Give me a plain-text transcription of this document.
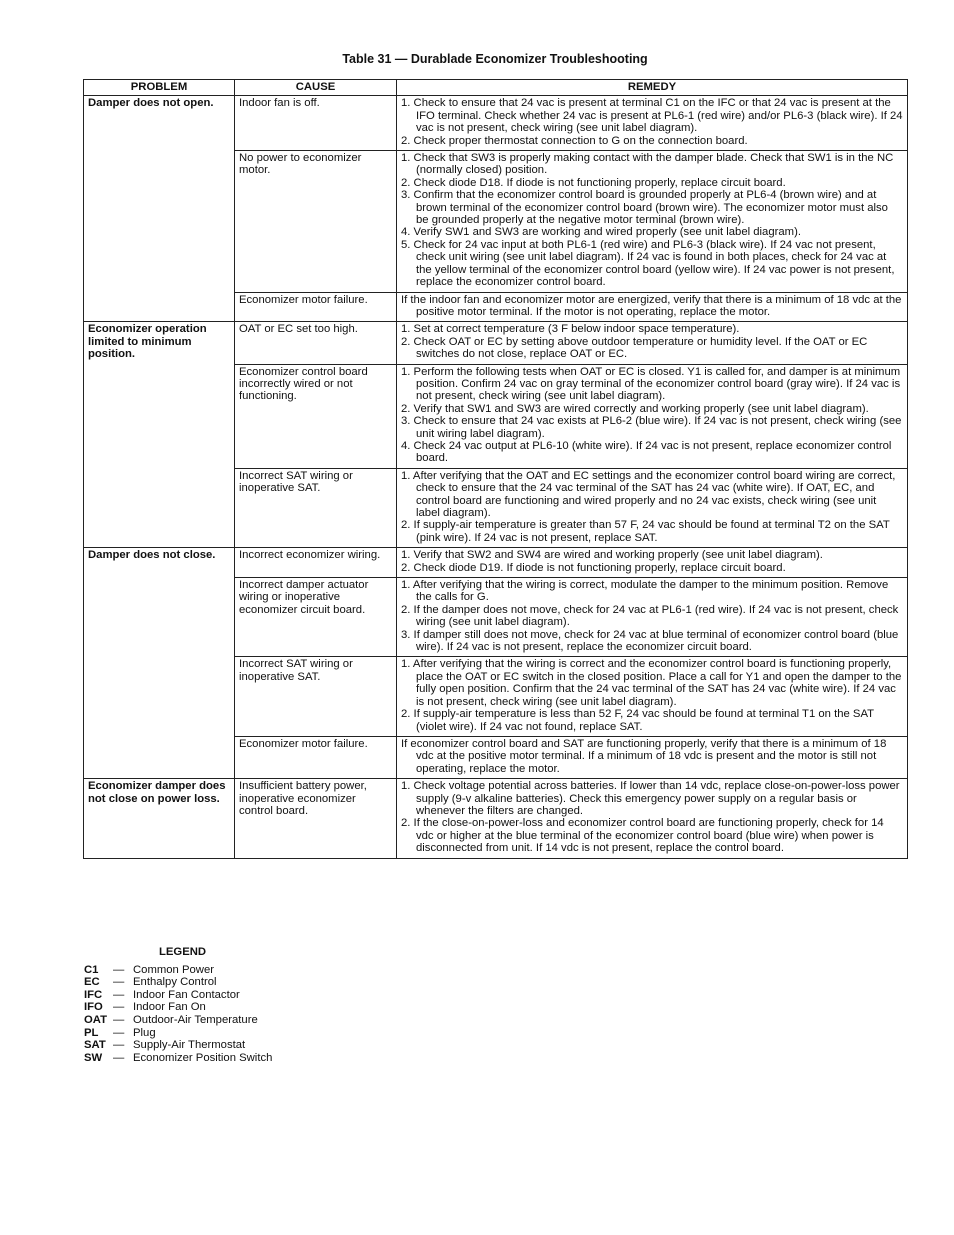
Table 31 — Durablade Economizer Troubleshooting
PROBLEM	CAUSE	REMEDY
Damper does not open.	Indoor fan is off.	1. Check to ensure that 24 vac is present at terminal C1 on the IFC or that 24 vac is present at the IFO terminal. Check whether 24 vac is present at PL6-1 (red wire) and/or PL6-3 (black wire). If 24 vac is not present, check wiring (see unit label diagram).
2. Check proper thermostat connection to G on the connection board.

	No power to economizer motor.	1. Check that SW3 is properly making contact with the damper blade. Check that SW1 is in the NC (normally closed) position.
2. Check diode D18. If diode is not functioning properly, replace circuit board.
3. Confirm that the economizer control board is grounded properly at PL6-4 (brown wire) and at brown terminal of the economizer control board (brown wire). The economizer motor must also be grounded properly at the negative motor terminal (brown wire).
4. Verify SW1 and SW3 are working and wired properly (see unit label diagram).
5. Check for 24 vac input at both PL6-1 (red wire) and PL6-3 (black wire). If 24 vac not present, check unit wiring (see unit label diagram). If 24 vac is found in both places, check for 24 vac at the yellow terminal of the economizer control board (yellow wire). If 24 vac power is not present, replace the economizer control board.

	Economizer motor failure.	If the indoor fan and economizer motor are energized, verify that there is a minimum of 18 vdc at the positive motor terminal. If the motor is not operating, replace the motor.

Economizer operation limited to minimum position.	OAT or EC set too high.	1. Set at correct temperature (3 F below indoor space temperature).
2. Check OAT or EC by setting above outdoor temperature or humidity level. If the OAT or EC switches do not close, replace OAT or EC.

	Economizer control board incorrectly wired or not functioning.	1. Perform the following tests when OAT or EC is closed. Y1 is called for, and damper is at minimum position. Confirm 24 vac on gray terminal of the economizer control board (gray wire). If 24 vac is not present, check wiring (see unit label diagram).
2. Verify that SW1 and SW3 are wired correctly and working properly (see unit label diagram).
3. Check to ensure that 24 vac exists at PL6-2 (blue wire). If 24 vac is not present, check wiring (see unit wiring label diagram).
4. Check 24 vac output at PL6-10 (white wire). If 24 vac is not present, replace economizer control board.

	Incorrect SAT wiring or inoperative SAT.	1. After verifying that the OAT and EC settings and the economizer control board wiring are correct, check to ensure that the 24 vac terminal of the SAT has 24 vac (white wire). If OAT, EC, and control board are functioning and wired properly and no 24 vac exists, check wiring (see unit label diagram).
2. If supply-air temperature is greater than 57 F, 24 vac should be found at terminal T2 on the SAT (pink wire). If 24 vac is not present, replace SAT.

Damper does not close.	Incorrect economizer wiring.	1. Verify that SW2 and SW4 are wired and working properly (see unit label diagram).
2. Check diode D19. If diode is not functioning properly, replace circuit board.

	Incorrect damper actuator wiring or inoperative economizer circuit board.	1. After verifying that the wiring is correct, modulate the damper to the minimum position. Remove the calls for G.
2. If the damper does not move, check for 24 vac at PL6-1 (red wire). If 24 vac is not present, check wiring (see unit label diagram).
3. If damper still does not move, check for 24 vac at blue terminal of economizer control board (blue wire). If 24 vac is not present, replace the economizer circuit board.

	Incorrect SAT wiring or inoperative SAT.	1. After verifying that the wiring is correct and the economizer control board is functioning properly, place the OAT or EC switch in the closed position. Place a call for Y1 and open the damper to the fully open position. Confirm that the 24 vac terminal of the SAT has 24 vac (white wire). If 24 vac is not present, check wiring (see unit label diagram).
2. If supply-air temperature is less than 52 F, 24 vac should be found at terminal T1 on the SAT (violet wire). If 24 vac not found, replace SAT.

	Economizer motor failure.	If economizer control board and SAT are functioning properly, verify that there is a minimum of 18 vdc at the positive motor terminal. If a minimum of 18 vdc is present and the motor is still not operating, replace the motor.

Economizer damper does not close on power loss.	Insufficient battery power, inoperative economizer control board.	1. Check voltage potential across batteries. If lower than 14 vdc, replace close-on-power-loss power supply (9-v alkaline batteries). Check this emergency power supply on a regular basis or whenever the filters are changed.
2. If the close-on-power-loss and economizer control board are functioning properly, check for 14 vdc or higher at the blue terminal of the economizer control board (blue wire) when power is disconnected from unit. If 14 vdc is not present, replace the control board.
LEGEND
C1	— Common Power
EC	— Enthalpy Control
IFC — Indoor Fan Contactor
IFO — Indoor Fan On
OAT — Outdoor-Air Temperature
PL	— Plug
SAT — Supply-Air Thermostat
SW — Economizer Position Switch
